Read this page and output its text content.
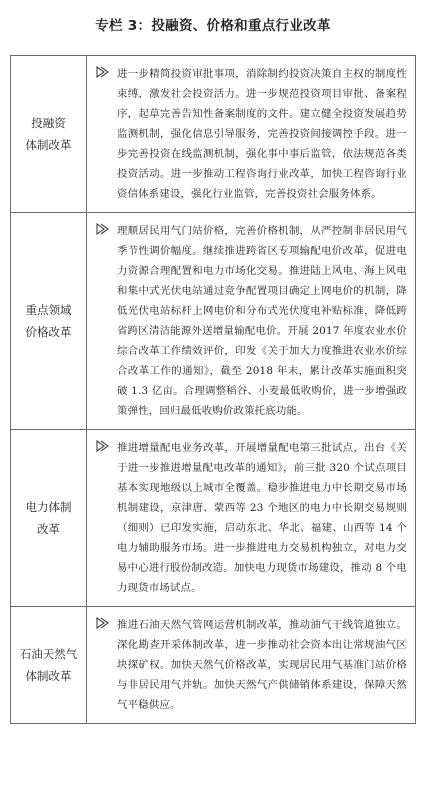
专栏 3：投融资、价格和重点行业改革
投融资
体制改革	进一步精简投资审批事项，消除制约投资决策自主权的制度性束缚，激发社会投资活力。进一步规范投资项目审批、备案程序，起草完善告知性备案制度的文件。建立健全投资发展趋势监测机制，强化信息引导服务，完善投资间接调控手段。进一步完善投资在线监测机制，强化事中事后监管，依法规范各类投资活动。进一步推动工程咨询行业改革，加快工程咨询行业资信体系建设，强化行业监管，完善投资社会服务体系。

重点领域
价格改革	理顺居民用气门站价格，完善价格机制，从严控制非居民用气季节性调价幅度。继续推进跨省区专项输配电价改革，促进电力资源合理配置和电力市场化交易。推进陆上风电、海上风电和集中式光伏电站通过竞争配置项目确定上网电价的机制，降低光伏电站标杆上网电价和分布式光伏度电补贴标准，降低跨省跨区清洁能源外送增量输配电价。开展 2017 年度农业水价综合改革工作绩效评价，印发《关于加大力度推进农业水价综合改革工作的通知》，截至 2018 年末，累计改革实施面积突破 1.3 亿亩。合理调整稻谷、小麦最低收购价，进一步增强政策弹性，回归最低收购价政策托底功能。

电力体制
改革	推进增量配电业务改革，开展增量配电第三批试点，出台《关于进一步推进增量配电改革的通知》，前三批 320 个试点项目基本实现地级以上城市全覆盖。稳步推进电力中长期交易市场机制建设，京津唐、蒙西等 23 个地区的电力中长期交易规则（细则）已印发实施，启动东北、华北、福建、山西等 14 个电力辅助服务市场。进一步推进电力交易机构独立，对电力交易中心进行股份制改造。加快电力现货市场建设，推动 8 个电力现货市场试点。

石油天然气
体制改革	推进石油天然气管网运营机制改革，推动油气干线管道独立。深化勘查开采体制改革，进一步推动社会资本出让常规油气区块探矿权。加快天然气价格改革，实现居民用气基准门站价格与非居民用气并轨。加快天然气产供储销体系建设，保障天然气平稳供应。
